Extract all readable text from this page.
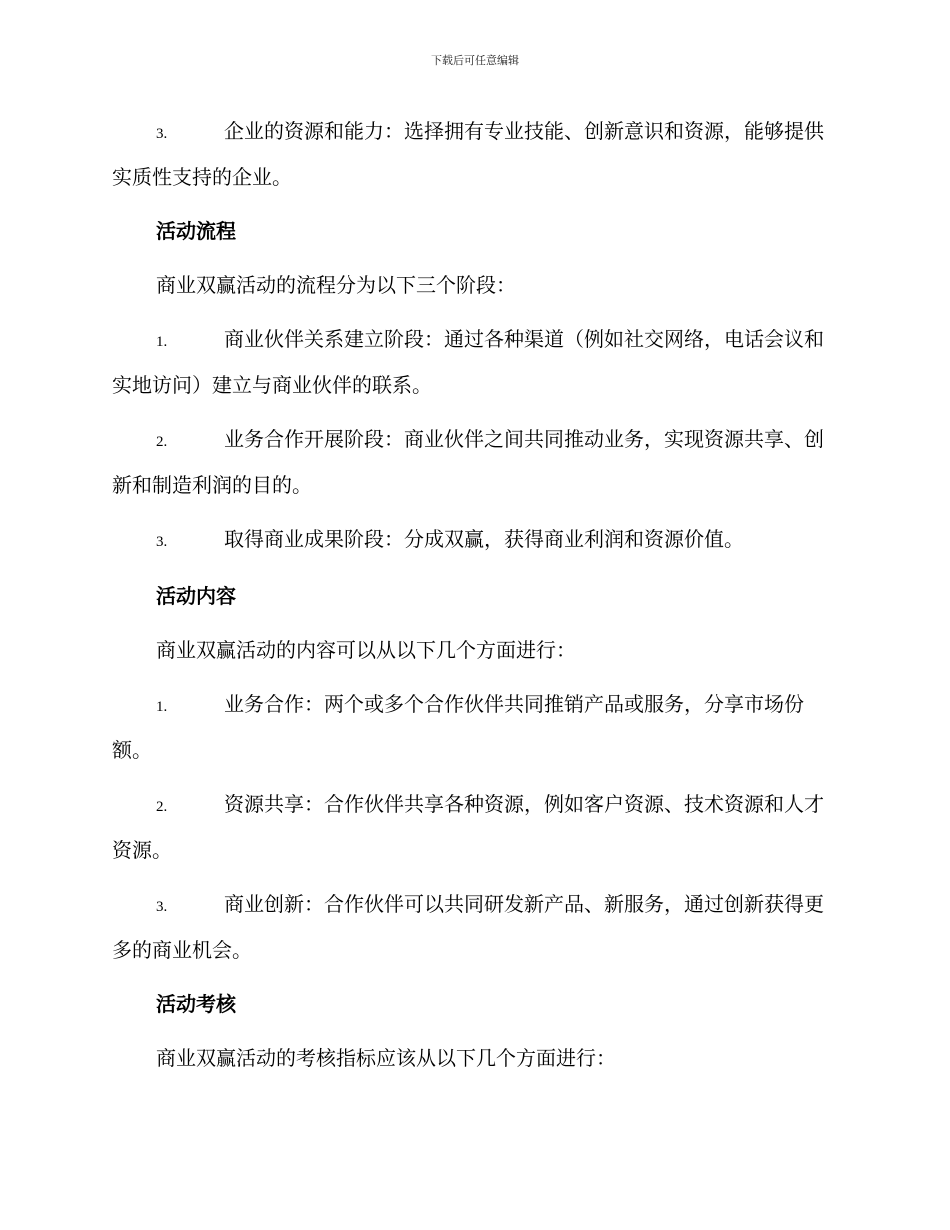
下载后可任意编辑

3.	企业的资源和能力：选择拥有专业技能、创新意识和资源，能够提供实质性支持的企业。

活动流程

商业双赢活动的流程分为以下三个阶段：

1.	商业伙伴关系建立阶段：通过各种渠道（例如社交网络，电话会议和实地访问）建立与商业伙伴的联系。

2.	业务合作开展阶段：商业伙伴之间共同推动业务，实现资源共享、创新和制造利润的目的。

3.	取得商业成果阶段：分成双赢，获得商业利润和资源价值。

活动内容

商业双赢活动的内容可以从以下几个方面进行：

1.	业务合作：两个或多个合作伙伴共同推销产品或服务，分享市场份额。

2.	资源共享：合作伙伴共享各种资源，例如客户资源、技术资源和人才资源。

3.	商业创新：合作伙伴可以共同研发新产品、新服务，通过创新获得更多的商业机会。

活动考核

商业双赢活动的考核指标应该从以下几个方面进行：
